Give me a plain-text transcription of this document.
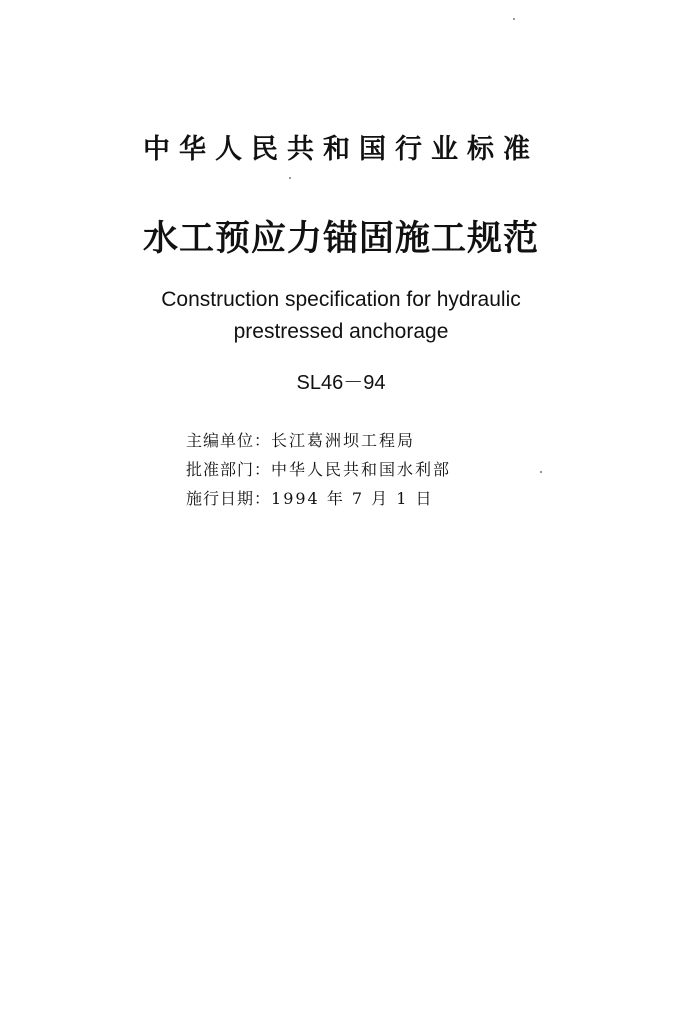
中华人民共和国行业标准
水工预应力锚固施工规范
Construction specification for hydraulic
prestressed anchorage
SL46－94
主编单位：长江葛洲坝工程局
批准部门：中华人民共和国水利部
施行日期：1994 年 7 月 1 日
